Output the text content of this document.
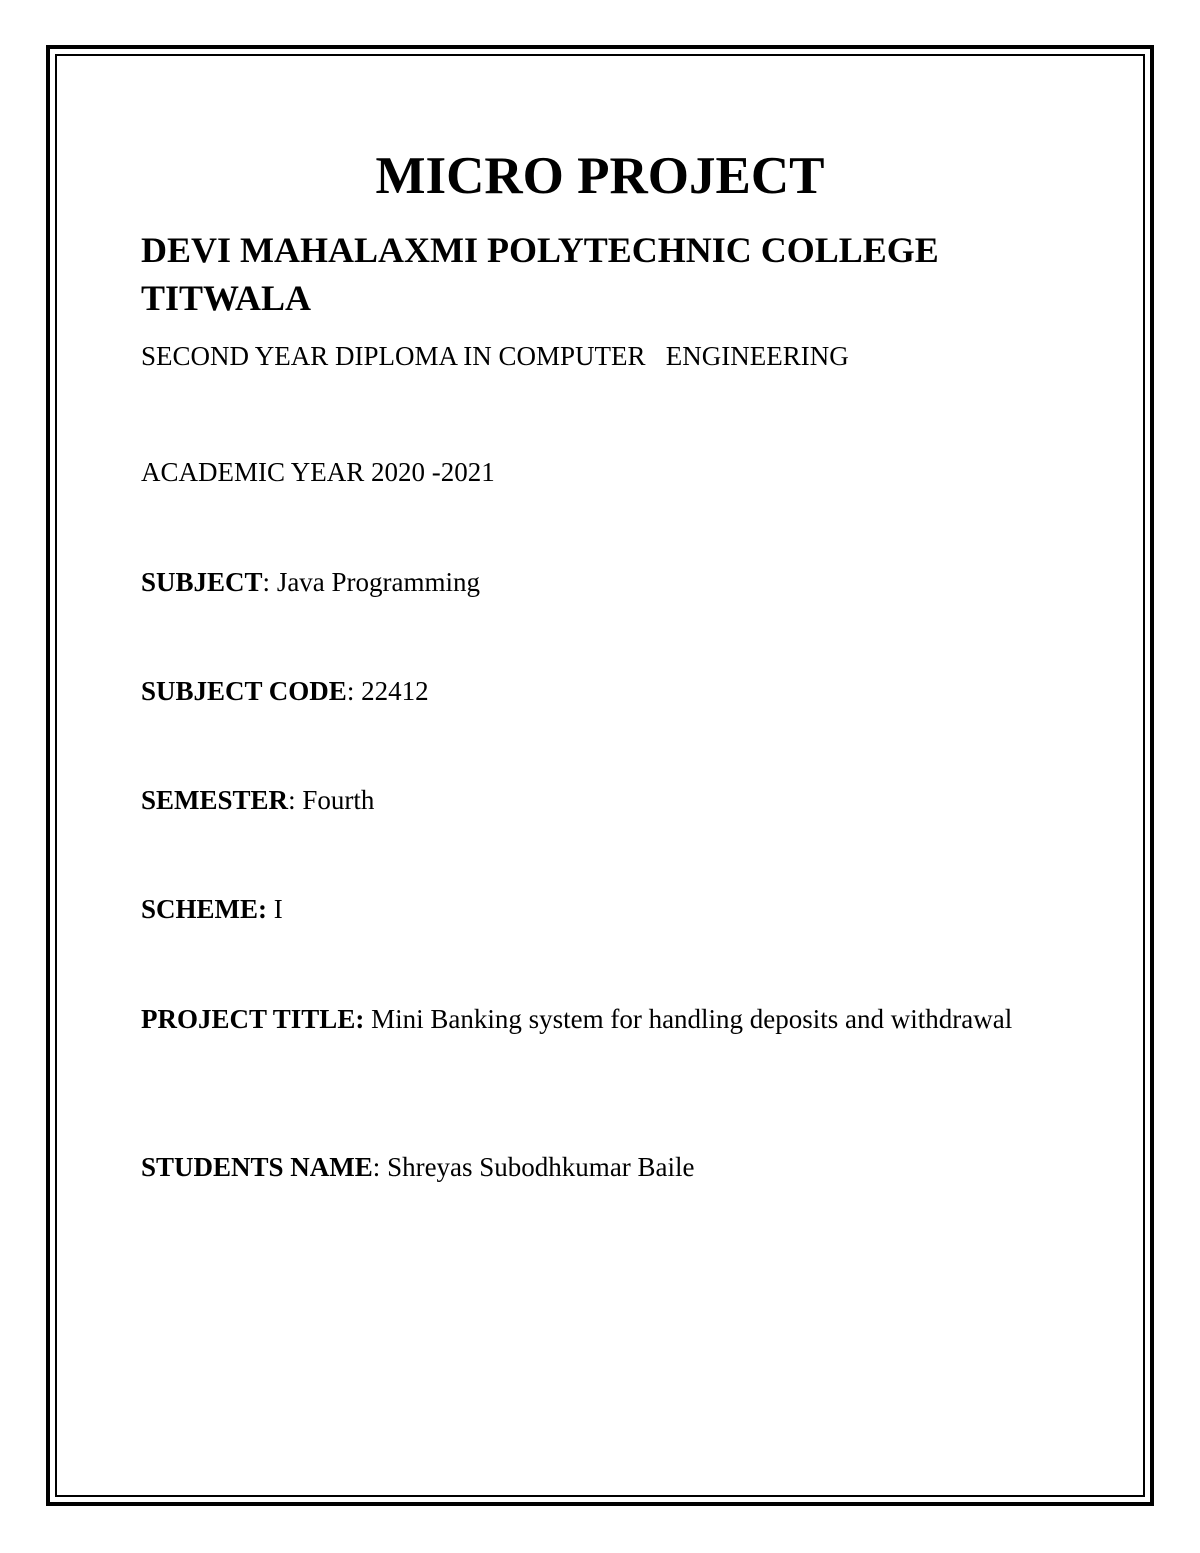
MICRO PROJECT
DEVI MAHALAXMI POLYTECHNIC COLLEGE TITWALA

SECOND YEAR DIPLOMA IN COMPUTER   ENGINEERING

ACADEMIC YEAR 2020 -2021

SUBJECT: Java Programming

SUBJECT CODE: 22412

SEMESTER: Fourth

SCHEME: I

PROJECT TITLE: Mini Banking system for handling deposits and withdrawal

STUDENTS NAME: Shreyas Subodhkumar Baile
